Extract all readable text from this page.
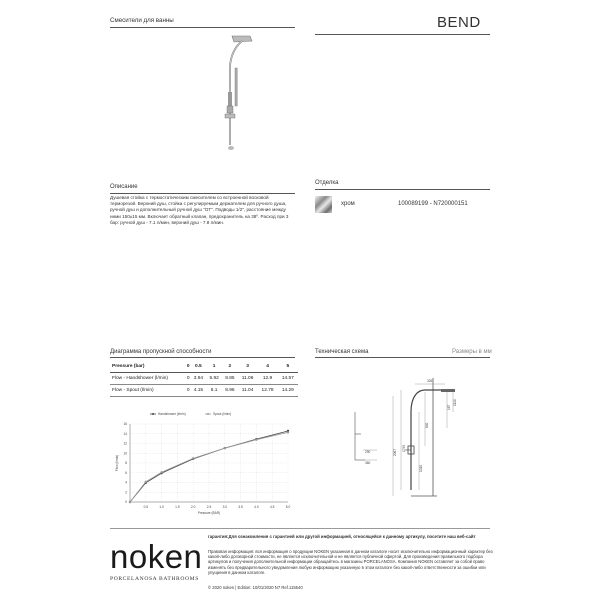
Смесители для ванны	BEND
Описание
Душевая стойка с термостатическим смесителем со встроенной восковой терморезой. Верхний душ, стойка с регулируемым держателем для ручного душа, ручной душ и дополнительный ручной душ "ОТ". Подводы 1/2", расстояние между ними 150±15 мм. Включает обратный клапан, предохранитель на 38º. Расход при 3 бар: ручной душ - 7.1 л/мин, верхний душ - 7.8 л/мин.
Отделка
хром	100089199 - N720000151
Диаграмма пропускной способности
Pressure (bar)	0	0.5	1	2	3	4	5
Flow - Handshower (l/min)	0	3.94	5.92	8.85	11.06	12.9	14.57
Flow - Spout (l/min)	0	4.15	6.1	8.96	11.04	12.78	14.29
0
2
4
6
8
10
12
14
16
0.5	1.0	1.5	2.0	2.5	3.0	3.5	4.0	4.5	5.0
Pressure (BAR)
Flow (l/min)
Handshower (l/min)	Spout (l/min)
Техническая схема	Размеры в мм
326
167
1110
640
1795
2067
1010
290
360
noken
PORCELANOSA BATHROOMS
гарантия:Для ознакомления с гарантией или другой информацией, относящейся к данному артикулу, посетите наш веб-сайт
Правовая информация: вся информация о продукции NOKEN указанная в данном каталоге носит исключительно информационный характер без какой-либо договорной стоимости, не является исключительной и не является публичной офертой. Для произведения правильного подбора артикулов и получения дополнительной информации обращайтесь в магазины PORCELANOSA. Компания NOKEN оставляет за собой право изменять без предварительного уведомления любую информацию указанную в этом каталоге без какой-либо ответственности за ошибки или упущения в данном каталоге.
© 2020 noken | Edition: 10/01/2020 N7 Ref.115540
